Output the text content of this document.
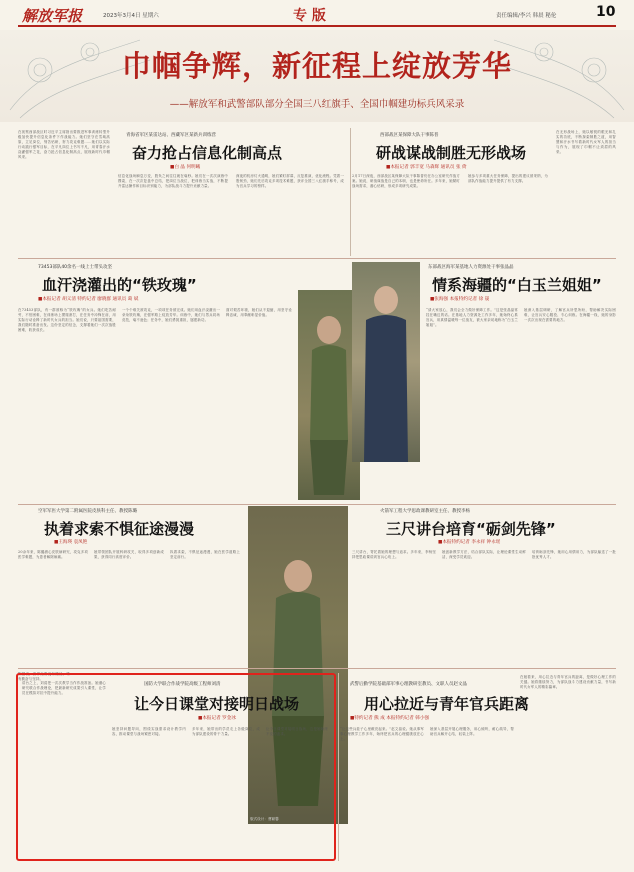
解放军报	2023年3月4日 星期六	专 版	责任编辑/李兴 韩晨 秘伦	10
巾帼争辉，新征程上绽放芳华
——解放军和武警部队部分全国三八红旗手、全国巾帼建功标兵风采录
在视察西部战区时习近平主席指出要推进军事训练转型升级加快提升信息化条件下作战能力。她们坚守在雪域高原，立足岗位，刻苦钻研，努力攻克难题……她们以实际行动践行强军目标，在平凡岗位上书写不凡，用青春汗水浇灌强军之花，奋力抢占信息化制高点，展现新时代巾帼风采。
青海省军区某雷达站、西藏军区某新兵训练营
奋力抢占信息化制高点
■白 晶 何明曦
信息化战场瞬息万变，胜负之间往往就在毫秒。她们在一次次演练中摸索，在一次次复盘中总结，把岗位当战位，把训练当实战，不断提升雷达操作和目标识别能力，为部队战斗力提升贡献力量。
深夜的机房灯火通明，她们紧盯屏幕，反复推演，优化流程。凭着一股韧劲，她们先后攻克多项技术难题，获评全国三八红旗手称号，成为官兵学习的榜样。
西部战区某保障大队干事陈普
研战谋战制胜无形战场
■本报记者 郭丰宽 马森辉 通讯员 张 倚
2月17日深夜，西部战区某保障大队干事陈普仍在办公室研究作战方案。她说，研战谋战是自己的本职，也是使命所在。多年来，她紧盯战场需求，潜心钻研，形成多项研究成果。
她参与多项重大任务保障，提出的建议被采纳，为部队作战能力提升提供了有力支撑。
在无形战场上，她以敏锐的眼光和扎实的功底，不断探索制胜之道，用智慧和汗水书写着新时代女军人的担当与作为，展现了巾帼不让须眉的风采。
73453部队40余名一线上士带头攻坚
血汗浇灌出的“铁玫瑰”
■本报记者 胡义清 特约记者 廖晓群 通讯员 葛 斌
在73453部队，有一群被称为“铁玫瑰”的女兵。她们吃苦耐劳，不怕困难，在训练场上摸爬滚打，在任务中冲锋在前，用实际行动诠释了新时代女兵的担当。她们说，只要祖国需要，我们随时准备出发。这份坚定的信念，支撑着她们一次次战胜困难，收获成长。
一个个难关被攻克，一项项任务被完成。她们用血汗浇灌出一朵朵铁玫瑰，在强军路上绽放芳华。训练中，她们与男兵同场竞技，毫不逊色；任务中，她们勇挑重担，屡建新功。
面对艰苦环境，她们从不退缩，用坚守诠释忠诚，用奉献彰显价值。
东部战区海军某基地人力资源处干事张晶晶
情系海疆的“白玉兰姐姐”
■张海强 本报特约记者 徐 晟
“请大家放心，我们会全力做好保障工作。”这是张晶晶常挂在嘴边的话。在基地人力资源处工作多年，她始终心系官兵，用真情温暖每一位战友，被大家亲切地称为“白玉兰姐姐”。
她深入基层调研，了解官兵所思所盼，帮助解决实际困难，让官兵安心服役、专心训练。在海疆一线，她的身影一次次出现在需要的地方。
空军军医大学第二附属医院皮肤科主任、教授陈璐
执着求索不惧征途漫漫
■王海瑛 袁凤艳
20余年来，陈璐潜心皮肤病研究，攻克多项医学难题，为患者解除病痛。
她带领团队开展科研攻关，取得多项创新成果，获得同行高度评价。
执着求索，不惧征途漫漫，她在医学道路上坚定前行。
版式设计：曹颖馨
火箭军工程大学思政课教研室主任、教授李杨
三尺讲台培育“砺剑先锋”
■本报特约记者 李永祥 钟永瑶
三尺讲台，寄托着她的理想与追求。多年来，李杨坚持把思政课讲到官兵心坎上。
她创新教学方法，结合部队实际，让理论课堂生动鲜活，深受学员欢迎。
培育砺剑先锋，她用心用情用力，为部队输送了一批批优秀人才。
陈璐说，医学之路没有捷径，唯有勤奋与坚持。
国防大学联合作战学院高级工程师刘清
让今日课堂对接明日战场
■本报记者 罗金冰
讲台之上，刘清把一次次教学当作作战准备。她潜心研究联合作战理论，把最新研究成果引入课堂，让学员在模拟对抗中提升能力。
她坚持问题导向，围绕实战需求设计教学内容，推动课堂与战场紧密对接。
多年来，她带出的学员走上各级岗位，成为部队建设的骨干力量。
让今日课堂对接明日战场，这是她始终不变的追求。
武警后勤学院基础部军事心理教研室教员、文职人员赵文晶
用心拉近与青年官兵距离
■特约记者 熊 成 本报特约记者 韩小强
“让这些兵娃子心里敞亮起来。”赵文晶说。她从事军事心理教学工作多年，始终把官兵的心理健康放在心上。
她深入基层开展心理服务，用心倾听，耐心疏导，帮助官兵解开心结，轻装上阵。
在她看来，用心拉近与青年官兵的距离，是做好心理工作的关键。她将继续努力，为部队战斗力建设贡献力量，书写新时代女军人的精彩篇章。
